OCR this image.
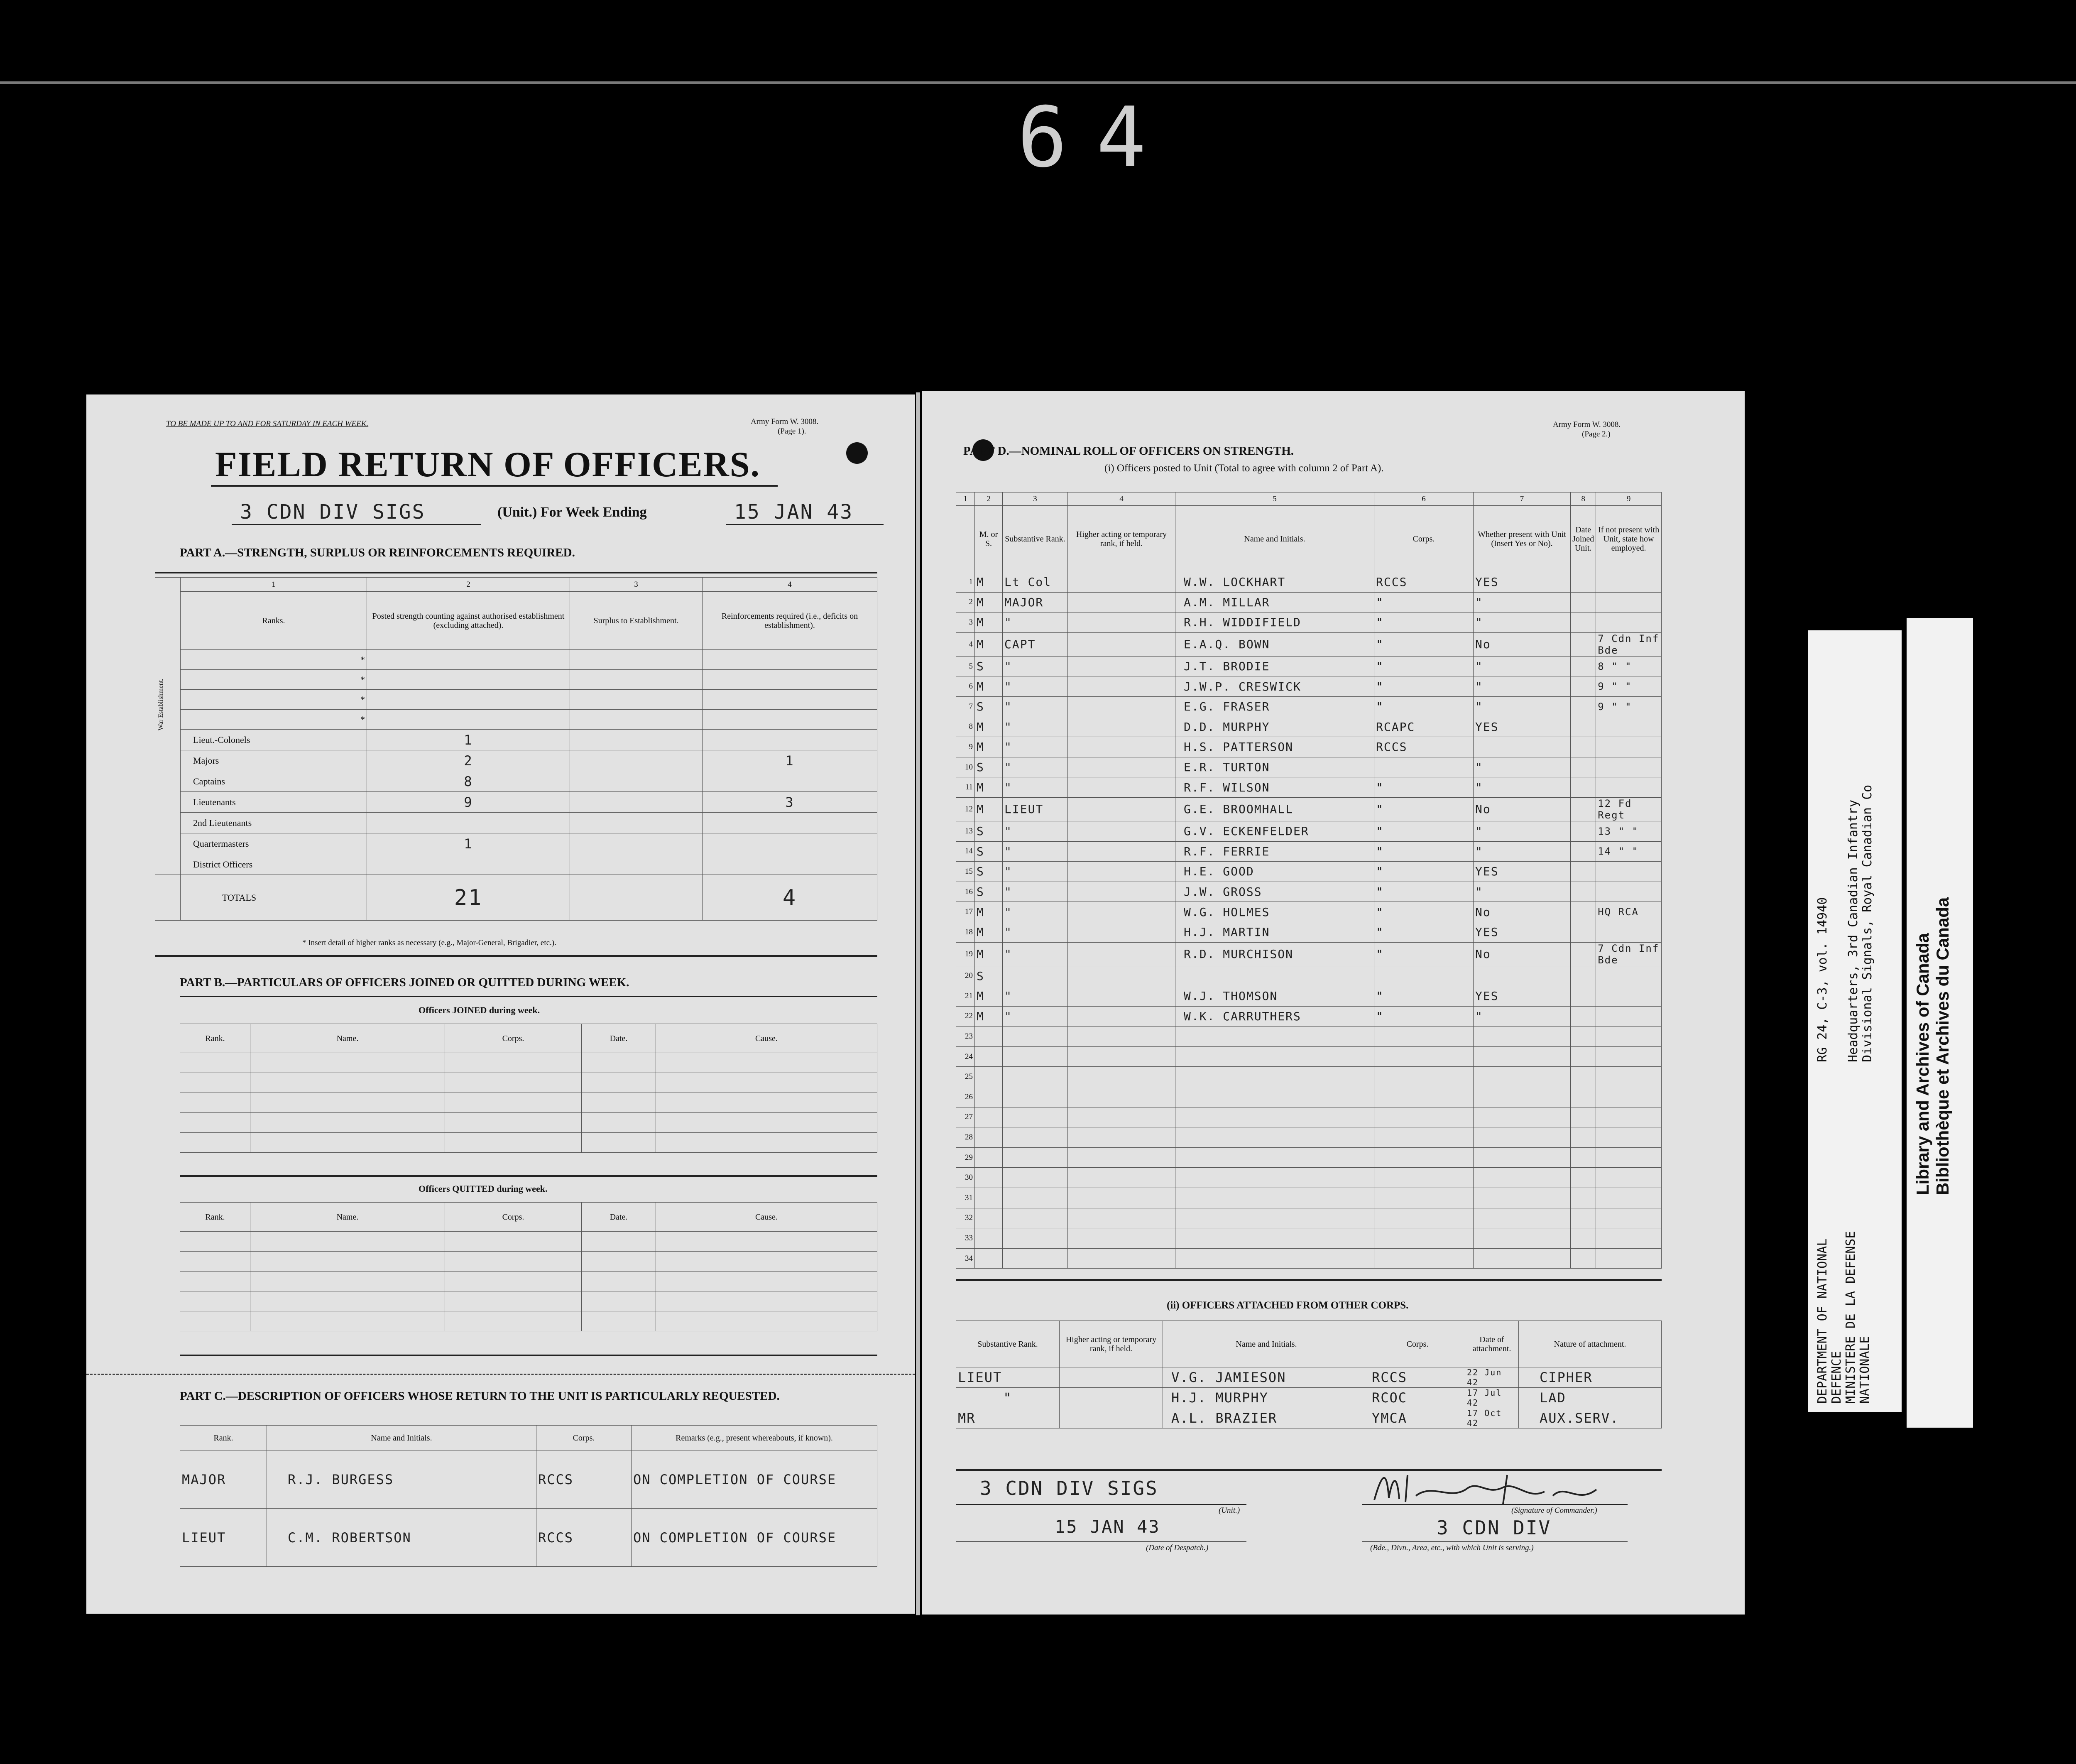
64
TO BE MADE UP TO AND FOR SATURDAY IN EACH WEEK.	Army Form W. 3008.
(Page 1).
FIELD RETURN OF OFFICERS.
3 CDN DIV SIGS	(Unit.) For Week Ending	15 JAN 43
PART A.—STRENGTH, SURPLUS OR REINFORCEMENTS REQUIRED.
War Establishment.	1	2	3	4
	Ranks.	Posted strength counting against authorised establishment (excluding attached).	Surplus to Establishment.	Reinforcements required (i.e., deficits on establishment).
	*			
	*			
	*			
	*			
	Lieut.-Colonels	1		
	Majors	2		1
	Captains	8		
	Lieutenants	9		3
	2nd Lieutenants			
	Quartermasters	1		
	District Officers			
	TOTALS	21		4
* Insert detail of higher ranks as necessary (e.g., Major-General, Brigadier, etc.).
PART B.—PARTICULARS OF OFFICERS JOINED OR QUITTED DURING WEEK.
Officers JOINED during week.
Rank.	Name.	Corps.	Date.	Cause.

Officers QUITTED during week.
Rank.	Name.	Corps.	Date.	Cause.

PART C.—DESCRIPTION OF OFFICERS WHOSE RETURN TO THE UNIT IS PARTICULARLY REQUESTED.
Rank.	Name and Initials.	Corps.	Remarks (e.g., present whereabouts, if known).
MAJOR	R.J. BURGESS	RCCS	ON COMPLETION OF COURSE
LIEUT	C.M. ROBERTSON	RCCS	ON COMPLETION OF COURSE
Army Form W. 3008.
(Page 2.)
PART D.—NOMINAL ROLL OF OFFICERS ON STRENGTH.
(i) Officers posted to Unit (Total to agree with column 2 of Part A).
1	2	3	4	5	6	7	8	9
	M. or S.	Substantive Rank.	Higher acting or temporary rank, if held.	Name and Initials.	Corps.	Whether present with Unit (Insert Yes or No).	Date Joined Unit.	If not present with Unit, state how employed.
1	M	Lt Col		W.W. LOCKHART	RCCS	YES		
2	M	MAJOR		A.M. MILLAR	"	"		
3	M	"		R.H. WIDDIFIELD	"	"		
4	M	CAPT		E.A.Q. BOWN	"	No		7 Cdn Inf Bde
5	S	"		J.T. BRODIE	"	"		8 " "
6	M	"		J.W.P. CRESWICK	"	"		9 " "
7	S	"		E.G. FRASER	"	"		9 " "
8	M	"		D.D. MURPHY	RCAPC	YES		
9	M	"		H.S. PATTERSON	RCCS			
10	S	"		E.R. TURTON		"		
11	M	"		R.F. WILSON	"	"		
12	M	LIEUT		G.E. BROOMHALL	"	No		12 Fd Regt
13	S	"		G.V. ECKENFELDER	"	"		13 " "
14	S	"		R.F. FERRIE	"	"		14 " "
15	S	"		H.E. GOOD	"	YES		
16	S	"		J.W. GROSS	"	"		
17	M	"		W.G. HOLMES	"	No		HQ RCA
18	M	"		H.J. MARTIN	"	YES		
19	M	"		R.D. MURCHISON	"	No		7 Cdn Inf Bde
20	S							
21	M	"		W.J. THOMSON	"	YES		
22	M	"		W.K. CARRUTHERS	"	"		
23								
24								
25								
26								
27								
28								
29								
30								
31								
32								
33								
34								
(ii) OFFICERS ATTACHED FROM OTHER CORPS.
Substantive Rank.	Higher acting or temporary rank, if held.	Name and Initials.	Corps.	Date of attachment.	Nature of attachment.
LIEUT		V.G. JAMIESON	RCCS	22 Jun 42	CIPHER
"		H.J. MURPHY	RCOC	17 Jul 42	LAD
MR		A.L. BRAZIER	YMCA	17 Oct 42	AUX.SERV.
3 CDN DIV SIGS
(Unit.)
15 JAN 43
(Date of Despatch.)
(Signature of Commander.)
3 CDN DIV
(Bde., Divn., Area, etc., with which Unit is serving.)
DEPARTMENT OF NATIONAL DEFENCE MINISTERE DE LA DEFENSE NATIONALE
RG 24, C-3, vol. 14940 Headquarters, 3rd Canadian Infantry Divisional Signals, Royal Canadian Co
Library and Archives of Canada Bibliothèque et Archives du Canada
